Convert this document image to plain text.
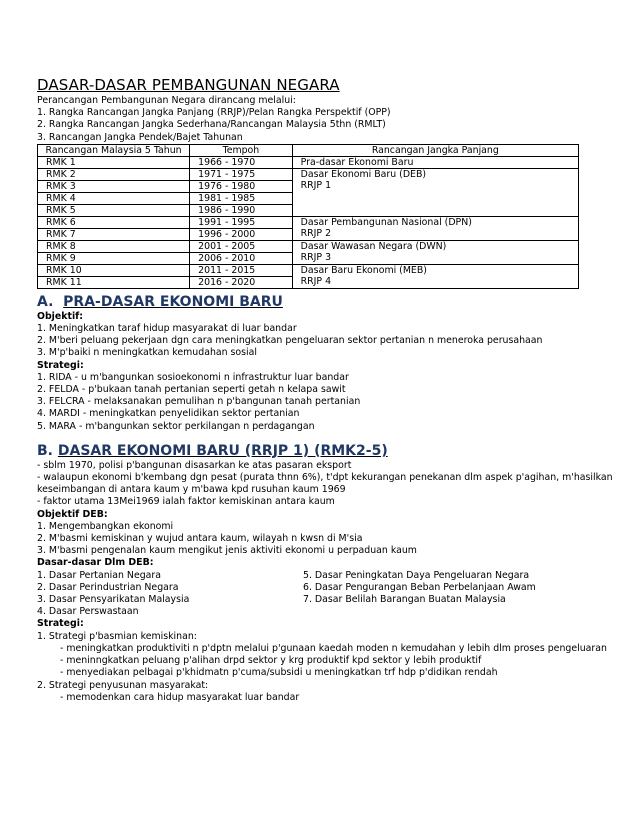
DASAR-DASAR PEMBANGUNAN NEGARA
Perancangan Pembangunan Negara dirancang melalui:
1. Rangka Rancangan Jangka Panjang (RRJP)/Pelan Rangka Perspektif (OPP)
2. Rangka Rancangan Jangka Sederhana/Rancangan Malaysia 5thn (RMLT)
3. Rancangan Jangka Pendek/Bajet Tahunan
Rancangan Malaysia 5 Tahun	Tempoh	Rancangan Jangka Panjang
RMK 1	1966 - 1970	Pra-dasar Ekonomi Baru
RMK 2	1971 - 1975	Dasar Ekonomi Baru (DEB)
RRJP 1

RMK 3	1976 - 1980	
RMK 4	1981 - 1985	
RMK 5	1986 - 1990	
RMK 6	1991 - 1995	Dasar Pembangunan Nasional (DPN)
RRJP 2

RMK 7	1996 - 2000	
RMK 8	2001 - 2005	Dasar Wawasan Negara (DWN)
RRJP 3

RMK 9	2006 - 2010	
RMK 10	2011 - 2015	Dasar Baru Ekonomi (MEB)
RRJP 4

RMK 11	2016 - 2020	
A. PRA-DASAR EKONOMI BARU
Objektif:
1. Meningkatkan taraf hidup masyarakat di luar bandar
2. M'beri peluang pekerjaan dgn cara meningkatkan pengeluaran sektor pertanian n meneroka perusahaan
3. M'p'baiki n meningkatkan kemudahan sosial
Strategi:
1. RIDA - u m'bangunkan sosioekonomi n infrastruktur luar bandar
2. FELDA - p'bukaan tanah pertanian seperti getah n kelapa sawit
3. FELCRA - melaksanakan pemulihan n p'bangunan tanah pertanian
4. MARDI - meningkatkan penyelidikan sektor pertanian
5. MARA - m'bangunkan sektor perkilangan n perdagangan
B. DASAR EKONOMI BARU (RRJP 1) (RMK2-5)
- sblm 1970, polisi p'bangunan disasarkan ke atas pasaran eksport
- walaupun ekonomi b'kembang dgn pesat (purata thnn 6%), t'dpt kekurangan penekanan dlm aspek p'agihan, m'hasilkan
keseimbangan di antara kaum y m'bawa kpd rusuhan kaum 1969
- faktor utama 13Mei1969 ialah faktor kemiskinan antara kaum
Objektif DEB:
1. Mengembangkan ekonomi
2. M'basmi kemiskinan y wujud antara kaum, wilayah n kwsn di M'sia
3. M'basmi pengenalan kaum mengikut jenis aktiviti ekonomi u perpaduan kaum
Dasar-dasar Dlm DEB:
1. Dasar Pertanian Negara
2. Dasar Perindustrian Negara
3. Dasar Pensyarikatan Malaysia
4. Dasar Perswastaan
5. Dasar Peningkatan Daya Pengeluaran Negara
6. Dasar Pengurangan Beban Perbelanjaan Awam
7. Dasar Belilah Barangan Buatan Malaysia
Strategi:
1. Strategi p'basmian kemiskinan:
- meningkatkan produktiviti n p'dptn melalui p'gunaan kaedah moden n kemudahan y lebih dlm proses pengeluaran
- meninngkatkan peluang p'alihan drpd sektor y krg produktif kpd sektor y lebih produktif
- menyediakan pelbagai p'khidmatn p'cuma/subsidi u meningkatkan trf hdp p'didikan rendah
2. Strategi penyusunan masyarakat:
- memodenkan cara hidup masyarakat luar bandar
